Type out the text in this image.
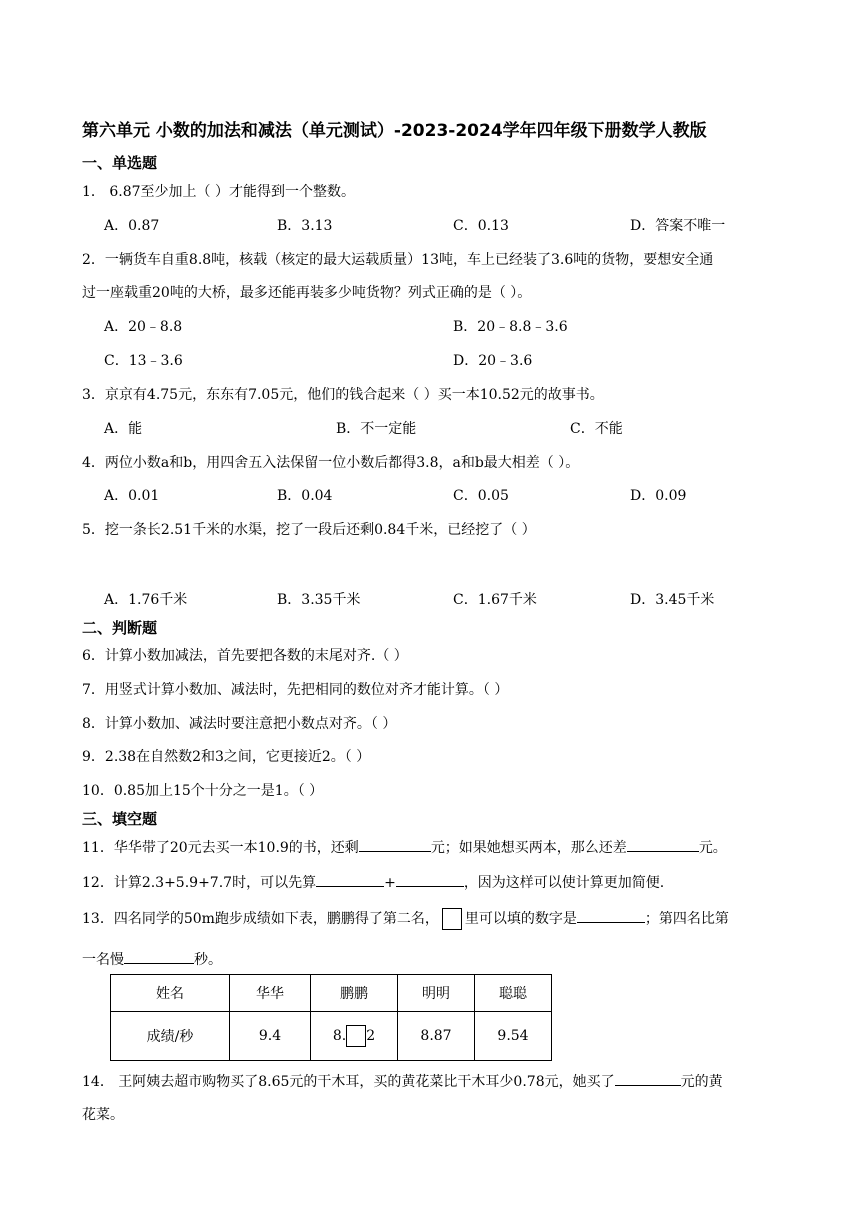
第六单元 小数的加法和减法（单元测试）-2023-2024学年四年级下册数学人教版
一、单选题
1． 6.87至少加上（ ）才能得到一个整数。
A．0.87	B．3.13	C．0.13	D．答案不唯一
2．一辆货车自重8.8吨，核载（核定的最大运载质量）13吨，车上已经装了3.6吨的货物，要想安全通
过一座载重20吨的大桥，最多还能再装多少吨货物？列式正确的是（ ）。
A．20﹣8.8	B．20﹣8.8﹣3.6
C．13﹣3.6	D．20﹣3.6
3．京京有4.75元，东东有7.05元，他们的钱合起来（ ）买一本10.52元的故事书。
A．能	B．不一定能	C．不能
4．两位小数a和b，用四舍五入法保留一位小数后都得3.8，a和b最大相差（ ）。
A．0.01	B．0.04	C．0.05	D．0.09
5．挖一条长2.51千米的水渠，挖了一段后还剩0.84千米，已经挖了（ ）
A．1.76千米	B．3.35千米	C．1.67千米	D．3.45千米
二、判断题
6．计算小数加减法，首先要把各数的末尾对齐.（ ）
7．用竖式计算小数加、减法时，先把相同的数位对齐才能计算。（ ）
8．计算小数加、减法时要注意把小数点对齐。（ ）
9．2.38在自然数2和3之间，它更接近2。（ ）
10．0.85加上15个十分之一是1。（ ）
三、填空题
11．华华带了20元去买一本10.9的书，还剩	元；如果她想买两本，那么还差	元。
12．计算2.3+5.9+7.7时，可以先算	+	，因为这样可以使计算更加简便.
13．四名同学的50m跑步成绩如下表，鹏鹏得了第二名， 里可以填的数字是	；第四名比第
一名慢	秒。
姓名	华华	鹏鹏	明明	聪聪
成绩/秒	9.4	8. 2	8.87	9.54
14． 王阿姨去超市购物买了8.65元的干木耳，买的黄花菜比干木耳少0.78元，她买了	元的黄
花菜。
